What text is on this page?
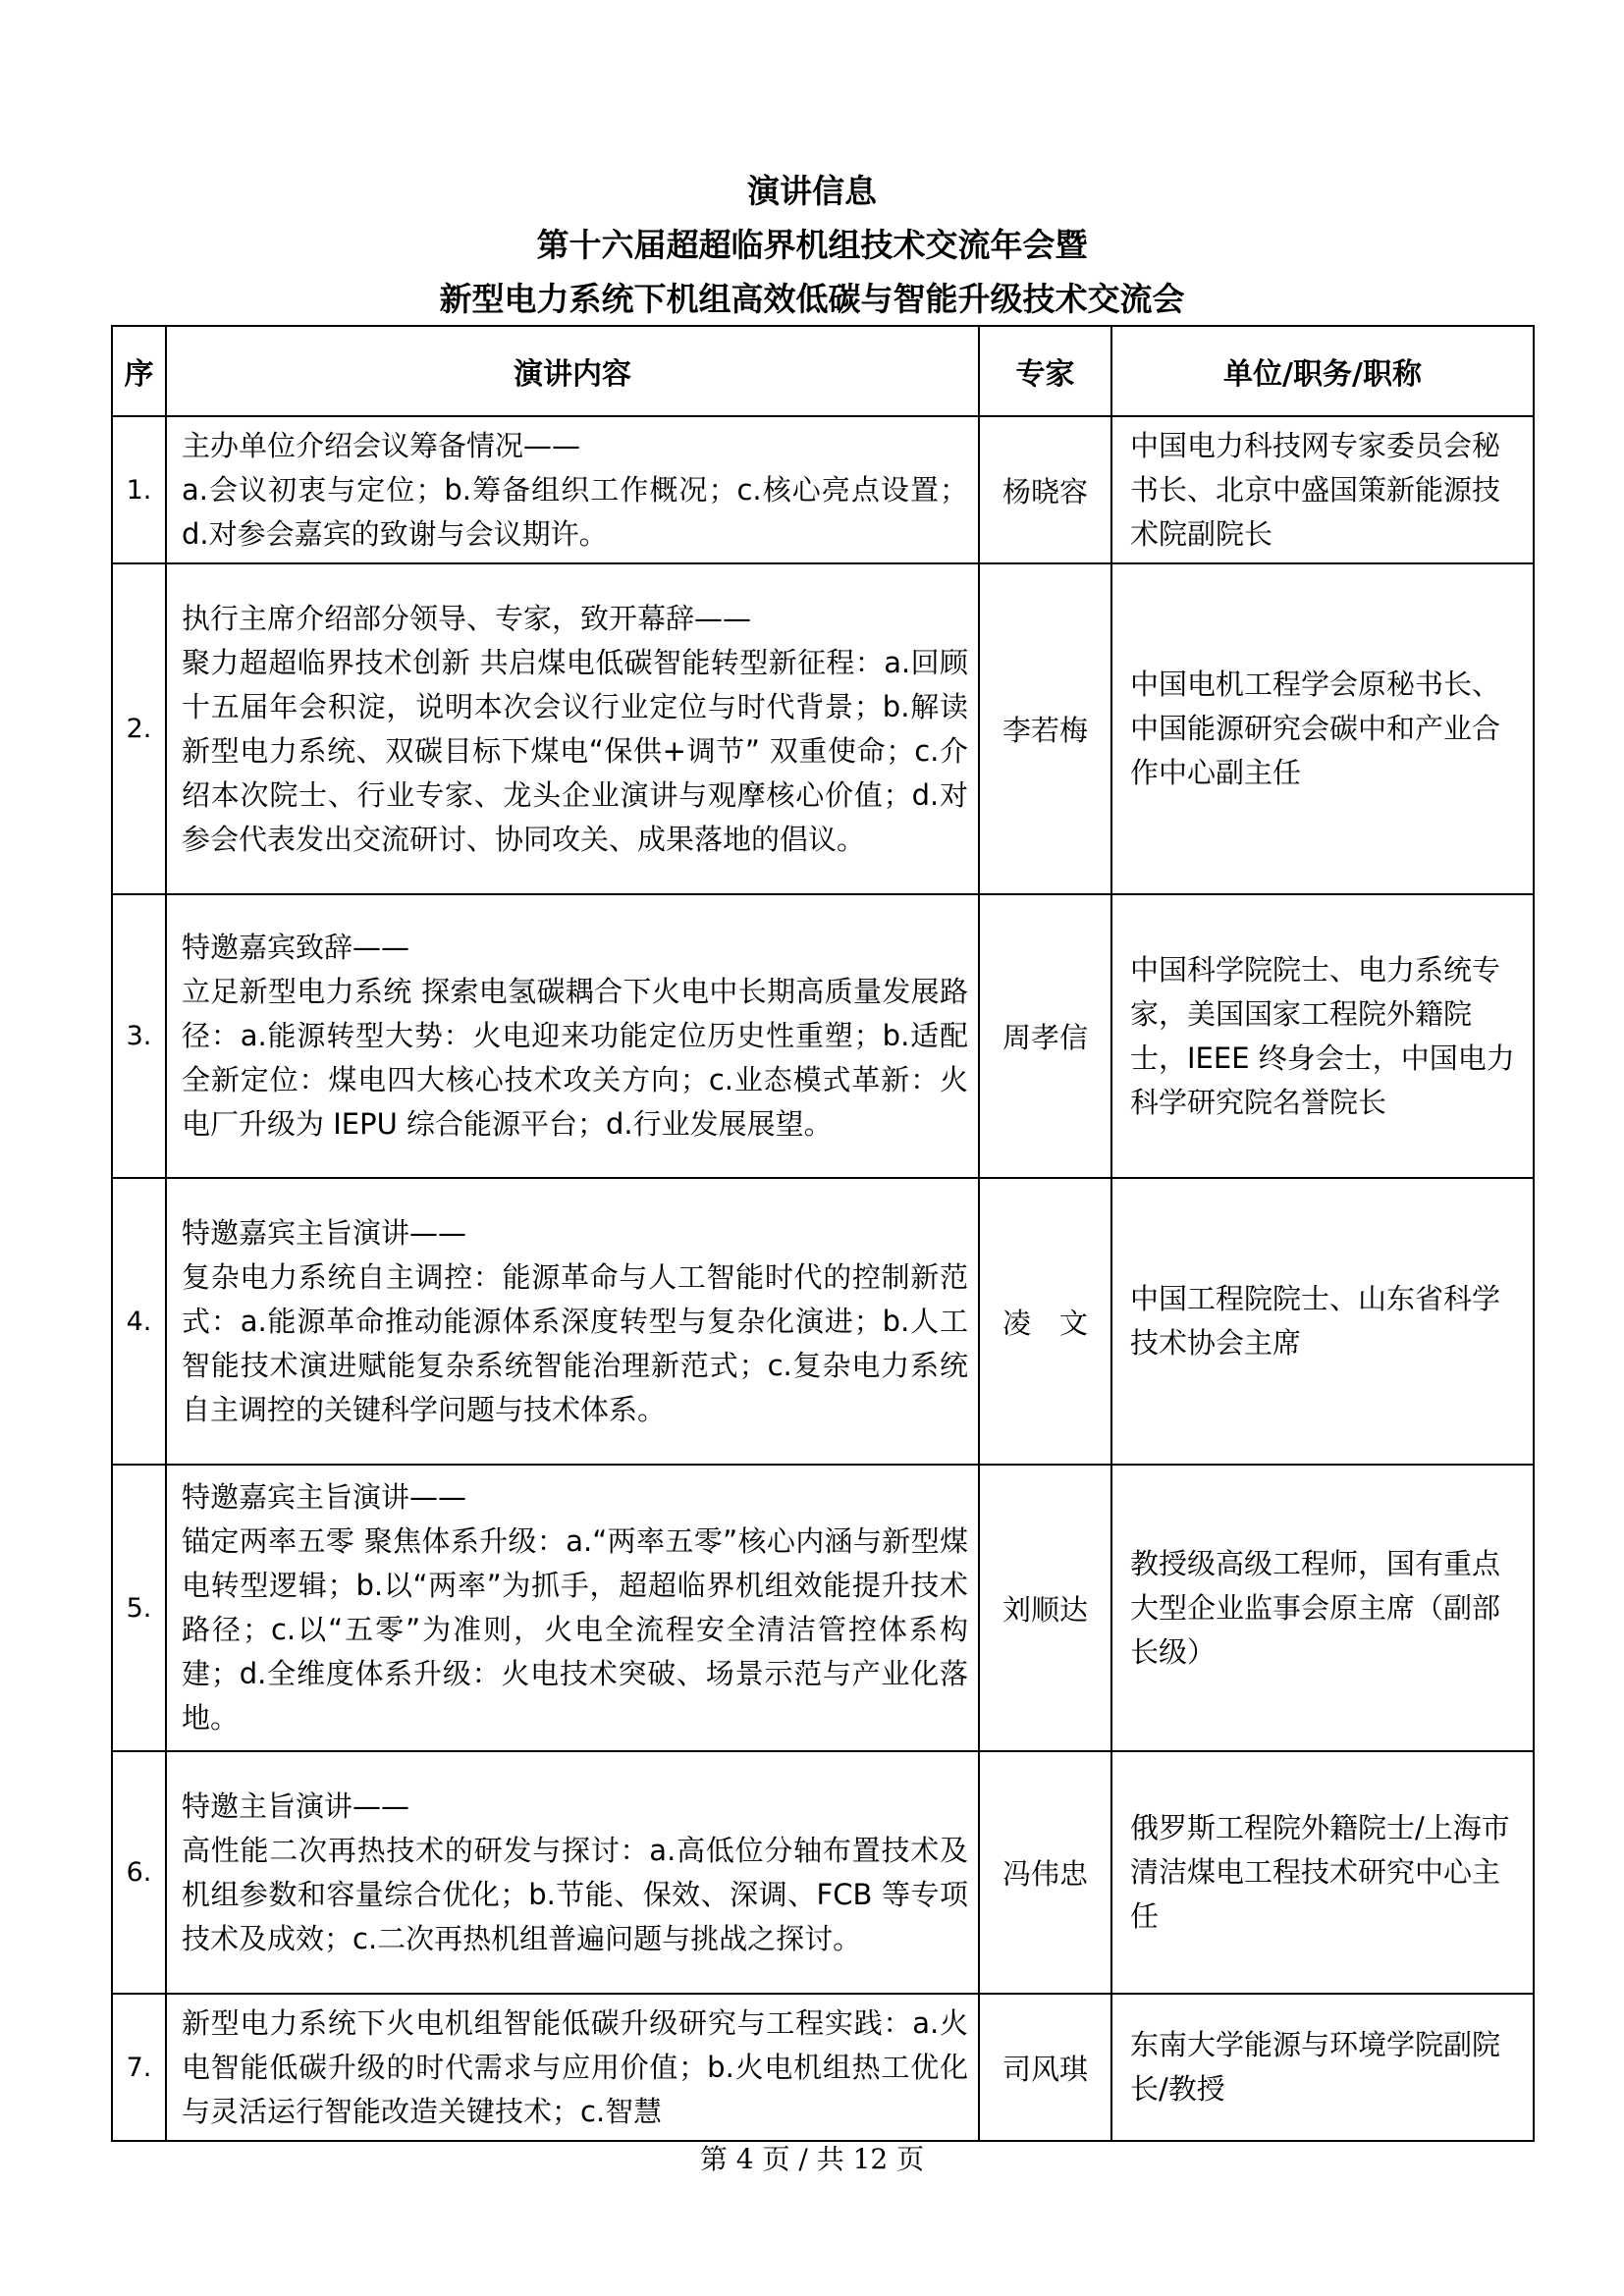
演讲信息
第十六届超超临界机组技术交流年会暨
新型电力系统下机组高效低碳与智能升级技术交流会
序	演讲内容	专家	单位/职务/职称
1.	主办单位介绍会议筹备情况——
a.会议初衷与定位；b.筹备组织工作概况；c.核心亮点设置；d.对参会嘉宾的致谢与会议期许。	杨晓容	中国电力科技网专家委员会秘书长、北京中盛国策新能源技术院副院长

2.	执行主席介绍部分领导、专家，致开幕辞——
聚力超超临界技术创新 共启煤电低碳智能转型新征程：a.回顾十五届年会积淀，说明本次会议行业定位与时代背景；b.解读新型电力系统、双碳目标下煤电“保供+调节” 双重使命；c.介绍本次院士、行业专家、龙头企业演讲与观摩核心价值；d.对参会代表发出交流研讨、协同攻关、成果落地的倡议。	李若梅	中国电机工程学会原秘书长、中国能源研究会碳中和产业合作中心副主任

3.	特邀嘉宾致辞——
立足新型电力系统 探索电氢碳耦合下火电中长期高质量发展路径：a.能源转型大势：火电迎来功能定位历史性重塑；b.适配全新定位：煤电四大核心技术攻关方向；c.业态模式革新：火电厂升级为 IEPU 综合能源平台；d.行业发展展望。	周孝信	中国科学院院士、电力系统专家，美国国家工程院外籍院士，IEEE 终身会士，中国电力科学研究院名誉院长

4.	特邀嘉宾主旨演讲——
复杂电力系统自主调控：能源革命与人工智能时代的控制新范式：a.能源革命推动能源体系深度转型与复杂化演进；b.人工智能技术演进赋能复杂系统智能治理新范式；c.复杂电力系统自主调控的关键科学问题与技术体系。	凌　文	中国工程院院士、山东省科学技术协会主席

5.	特邀嘉宾主旨演讲——
锚定两率五零 聚焦体系升级：a.“两率五零”核心内涵与新型煤电转型逻辑；b.以“两率”为抓手，超超临界机组效能提升技术路径；c.以“五零”为准则，火电全流程安全清洁管控体系构建；d.全维度体系升级：火电技术突破、场景示范与产业化落地。	刘顺达	教授级高级工程师，国有重点大型企业监事会原主席（副部长级）

6.	特邀主旨演讲——
高性能二次再热技术的研发与探讨：a.高低位分轴布置技术及机组参数和容量综合优化；b.节能、保效、深调、FCB 等专项技术及成效；c.二次再热机组普遍问题与挑战之探讨。	冯伟忠	俄罗斯工程院外籍院士/上海市清洁煤电工程技术研究中心主任

7.	新型电力系统下火电机组智能低碳升级研究与工程实践：a.火电智能低碳升级的时代需求与应用价值；b.火电机组热工优化与灵活运行智能改造关键技术；c.智慧	司风琪	东南大学能源与环境学院副院长/教授
第 4 页 / 共 12 页
